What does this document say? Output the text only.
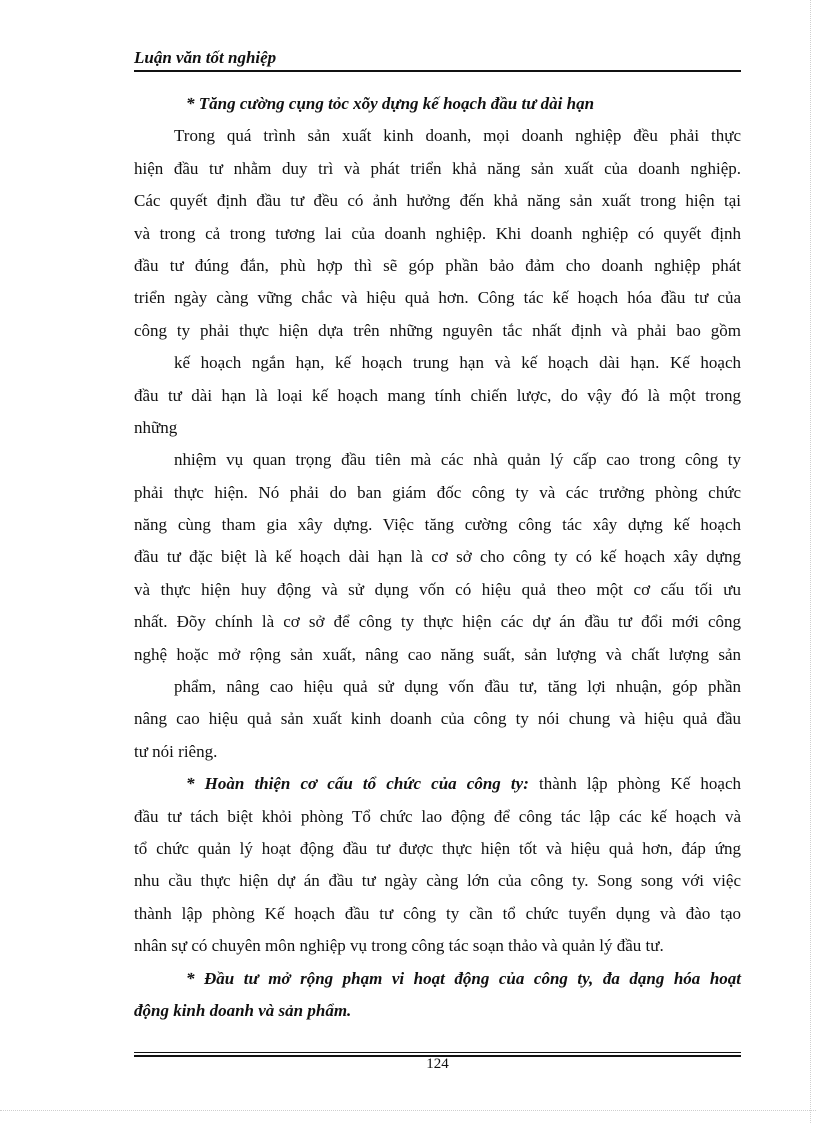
Luận văn tốt nghiệp
* Tăng cường cụng tỏc xõy dựng kế hoạch đầu tư dài hạn
Trong quá trình sản xuất kinh doanh, mọi doanh nghiệp đều phải thực
hiện đầu tư nhằm duy trì và phát triển khả năng sản xuất của doanh nghiệp.
Các quyết định đầu tư đều có ảnh hưởng đến khả năng sản xuất trong hiện tại
và trong cả trong tương lai của doanh nghiệp. Khi doanh nghiệp có quyết định
đầu tư đúng đắn, phù hợp thì sẽ góp phần bảo đảm cho doanh nghiệp phát
triển ngày càng vững chắc và hiệu quả hơn. Công tác kế hoạch hóa đầu tư của
công ty phải thực hiện dựa trên những nguyên tắc nhất định và phải bao gồm
kế hoạch ngắn hạn, kế hoạch trung hạn và kế hoạch dài hạn. Kế hoạch
đầu tư dài hạn là loại kế hoạch mang tính chiến lược, do vậy đó là một trong
những
nhiệm vụ quan trọng đầu tiên mà các nhà quản lý cấp cao trong công ty
phải thực hiện. Nó phải do ban giám đốc công ty và các trưởng phòng chức
năng cùng tham gia xây dựng. Việc tăng cường công tác xây dựng kế hoạch
đầu tư đặc biệt là kế hoạch dài hạn là cơ sở cho công ty có kế hoạch xây dựng
và thực hiện huy động và sử dụng vốn có hiệu quả theo một cơ cấu tối ưu
nhất. Đõy chính là cơ sở để công ty thực hiện các dự án đầu tư đổi mới công
nghệ hoặc mở rộng sản xuất, nâng cao năng suất, sản lượng và chất lượng sản
phẩm, nâng cao hiệu quả sử dụng vốn đầu tư, tăng lợi nhuận, góp phần
nâng cao hiệu quả sản xuất kinh doanh của công ty nói chung và hiệu quả đầu
tư nói riêng.
* Hoàn thiện cơ cấu tổ chức của công ty: thành lập phòng Kế hoạch
đầu tư tách biệt khỏi phòng Tổ chức lao động để công tác lập các kế hoạch và
tổ chức quản lý hoạt động đầu tư được thực hiện tốt và hiệu quả hơn, đáp ứng
nhu cầu thực hiện dự án đầu tư ngày càng lớn của công ty. Song song với việc
thành lập phòng Kế hoạch đầu tư công ty cần tổ chức tuyển dụng và đào tạo
nhân sự có chuyên môn nghiệp vụ trong công tác soạn thảo và quản lý đầu tư.
* Đầu tư mở rộng phạm vi hoạt động của công ty, đa dạng hóa hoạt
động kinh doanh và sản phẩm.
124
